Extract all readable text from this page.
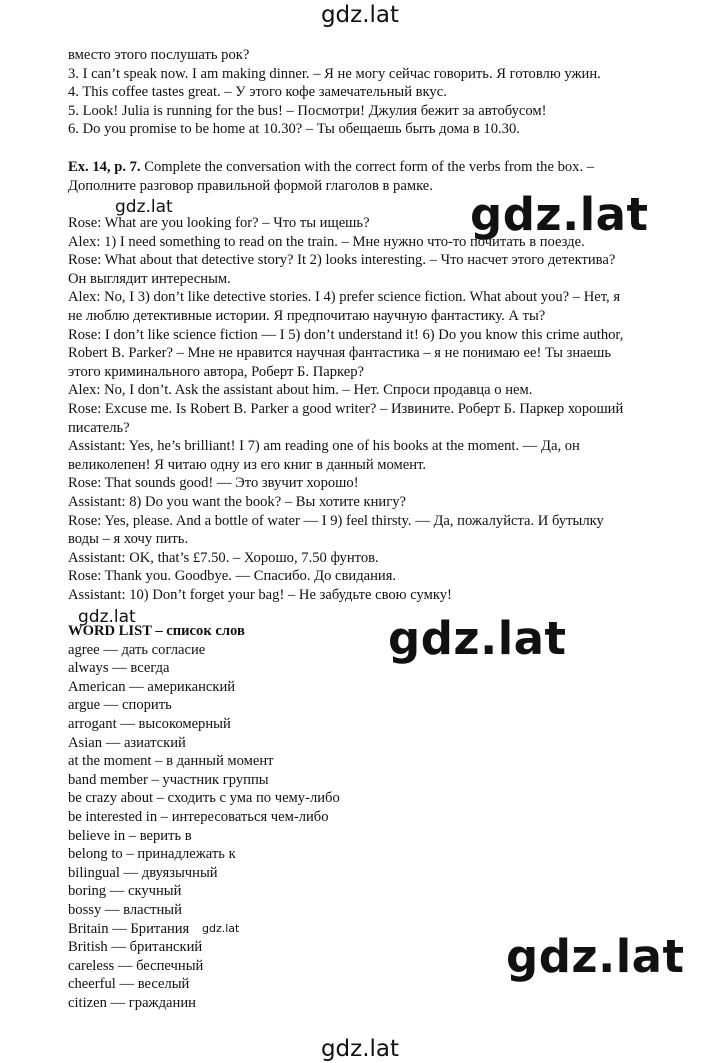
gdz.lat
gdz.lat	gdz.lat
gdz.lat	gdz.lat
gdz.lat
gdz.lat
gdz.lat
вместо этого послушать рок?
3. I can’t speak now. I am making dinner. – Я не могу сейчас говорить. Я готовлю ужин.
4. This coffee tastes great. – У этого кофе замечательный вкус.
5. Look! Julia is running for the bus! – Посмотри! Джулия бежит за автобусом!
6. Do you promise to be home at 10.30? – Ты обещаешь быть дома в 10.30.
Ex. 14, p. 7. Complete the conversation with the correct form of the verbs from the box. –
Дополните разговор правильной формой глаголов в рамке.
Rose: What are you looking for? – Что ты ищешь?
Alex: 1) I need something to read on the train. – Мне нужно что-то почитать в поезде.
Rose: What about that detective story? It 2) looks interesting. – Что насчет этого детектива?
Он выглядит интересным.
Alex: No, I 3) don’t like detective stories. I 4) prefer science fiction. What about you? – Нет, я
не люблю детективные истории. Я предпочитаю научную фантастику. А ты?
Rose: I don’t like science fiction — I 5) don’t understand it! 6) Do you know this crime author,
Robert B. Parker? – Мне не нравится научная фантастика – я не понимаю ее! Ты знаешь
этого криминального автора, Роберт Б. Паркер?
Alex: No, I don’t. Ask the assistant about him. – Нет. Спроси продавца о нем.
Rose: Excuse me. Is Robert B. Parker a good writer? – Извините. Роберт Б. Паркер хороший
писатель?
Assistant: Yes, he’s brilliant! I 7) am reading one of his books at the moment. — Да, он
великолепен! Я читаю одну из его книг в данный момент.
Rose: That sounds good! — Это звучит хорошо!
Assistant: 8) Do you want the book? – Вы хотите книгу?
Rose: Yes, please. And a bottle of water — I 9) feel thirsty. — Да, пожалуйста. И бутылку
воды – я хочу пить.
Assistant: OK, that’s £7.50. – Хорошо, 7.50 фунтов.
Rose: Thank you. Goodbye. — Спасибо. До свидания.
Assistant: 10) Don’t forget your bag! – Не забудьте свою сумку!
WORD LIST – список слов
agree — дать согласие
always — всегда
American — американский
argue — спорить
arrogant — высокомерный
Asian — азиатский
at the moment – в данный момент
band member – участник группы
be crazy about – сходить с ума по чему-либо
be interested in – интересоваться чем-либо
believe in – верить в
belong to – принадлежать к
bilingual — двуязычный
boring — скучный
bossy — властный
Britain — Британия
British — британский
careless — беспечный
cheerful — веселый
citizen — гражданин
